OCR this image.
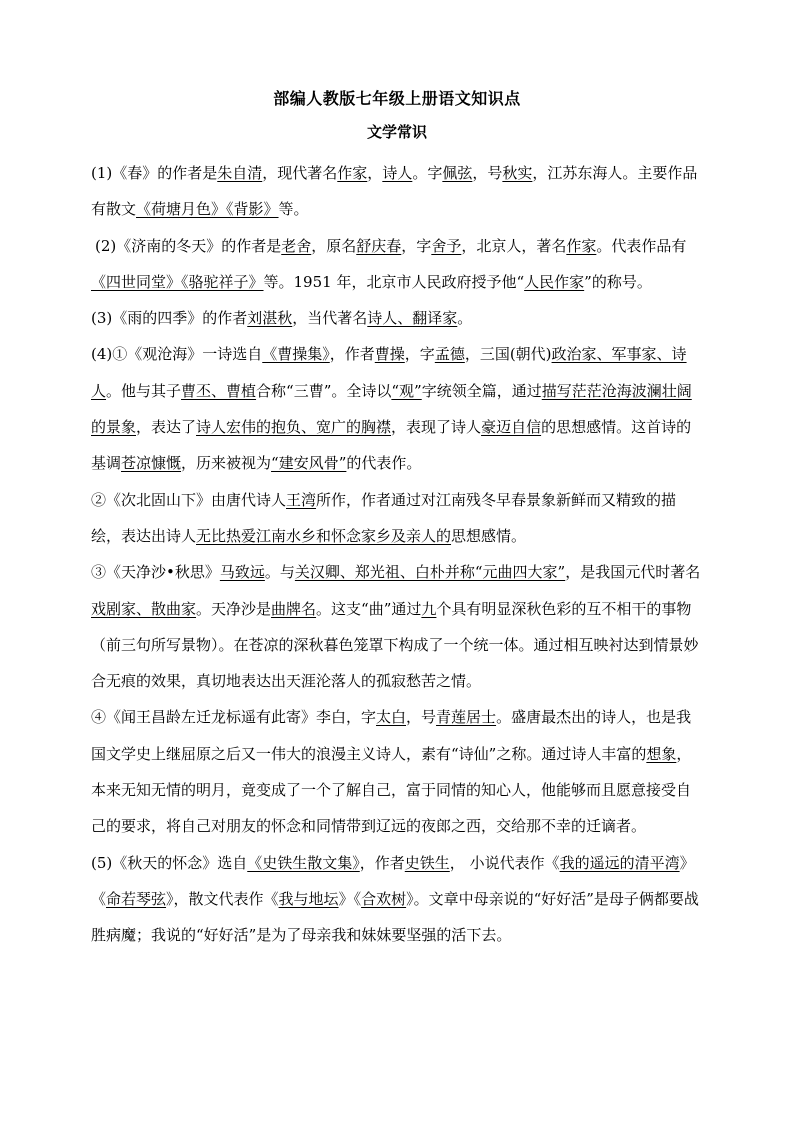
部编人教版七年级上册语文知识点
文学常识

(1)《春》的作者是朱自清，现代著名作家，诗人。字佩弦，号秋实，江苏东海人。主要作品有散文《荷塘月色》《背影》等。

(2)《济南的冬天》的作者是老舍，原名舒庆春，字舍予，北京人，著名作家。代表作品有《四世同堂》《骆驼祥子》等。1951 年，北京市人民政府授予他“人民作家”的称号。

(3)《雨的四季》的作者刘湛秋，当代著名诗人、翻译家。

(4)①《观沧海》一诗选自《曹操集》，作者曹操，字孟德，三国(朝代)政治家、军事家、诗人。他与其子曹丕、曹植合称“三曹”。全诗以“观”字统领全篇，通过描写茫茫沧海波澜壮阔的景象，表达了诗人宏伟的抱负、宽广的胸襟，表现了诗人豪迈自信的思想感情。这首诗的基调苍凉慷慨，历来被视为“建安风骨”的代表作。

②《次北固山下》由唐代诗人王湾所作，作者通过对江南残冬早春景象新鲜而又精致的描绘，表达出诗人无比热爱江南水乡和怀念家乡及亲人的思想感情。

③《天净沙•秋思》马致远。与关汉卿、郑光祖、白朴并称“元曲四大家”，是我国元代时著名戏剧家、散曲家。天净沙是曲牌名。这支“曲”通过九个具有明显深秋色彩的互不相干的事物（前三句所写景物）。在苍凉的深秋暮色笼罩下构成了一个统一体。通过相互映衬达到情景妙合无痕的效果，真切地表达出天涯沦落人的孤寂愁苦之情。

④《闻王昌龄左迁龙标遥有此寄》李白，字太白，号青莲居士。盛唐最杰出的诗人，也是我国文学史上继屈原之后又一伟大的浪漫主义诗人，素有“诗仙”之称。通过诗人丰富的想象，本来无知无情的明月，竟变成了一个了解自己，富于同情的知心人，他能够而且愿意接受自己的要求，将自己对朋友的怀念和同情带到辽远的夜郎之西，交给那不幸的迁谪者。

(5)《秋天的怀念》选自《史铁生散文集》，作者史铁生， 小说代表作《我的遥远的清平湾》《命若琴弦》，散文代表作《我与地坛》《合欢树》。文章中母亲说的“好好活”是母子俩都要战胜病魔；我说的“好好活”是为了母亲我和妹妹要坚强的活下去。
